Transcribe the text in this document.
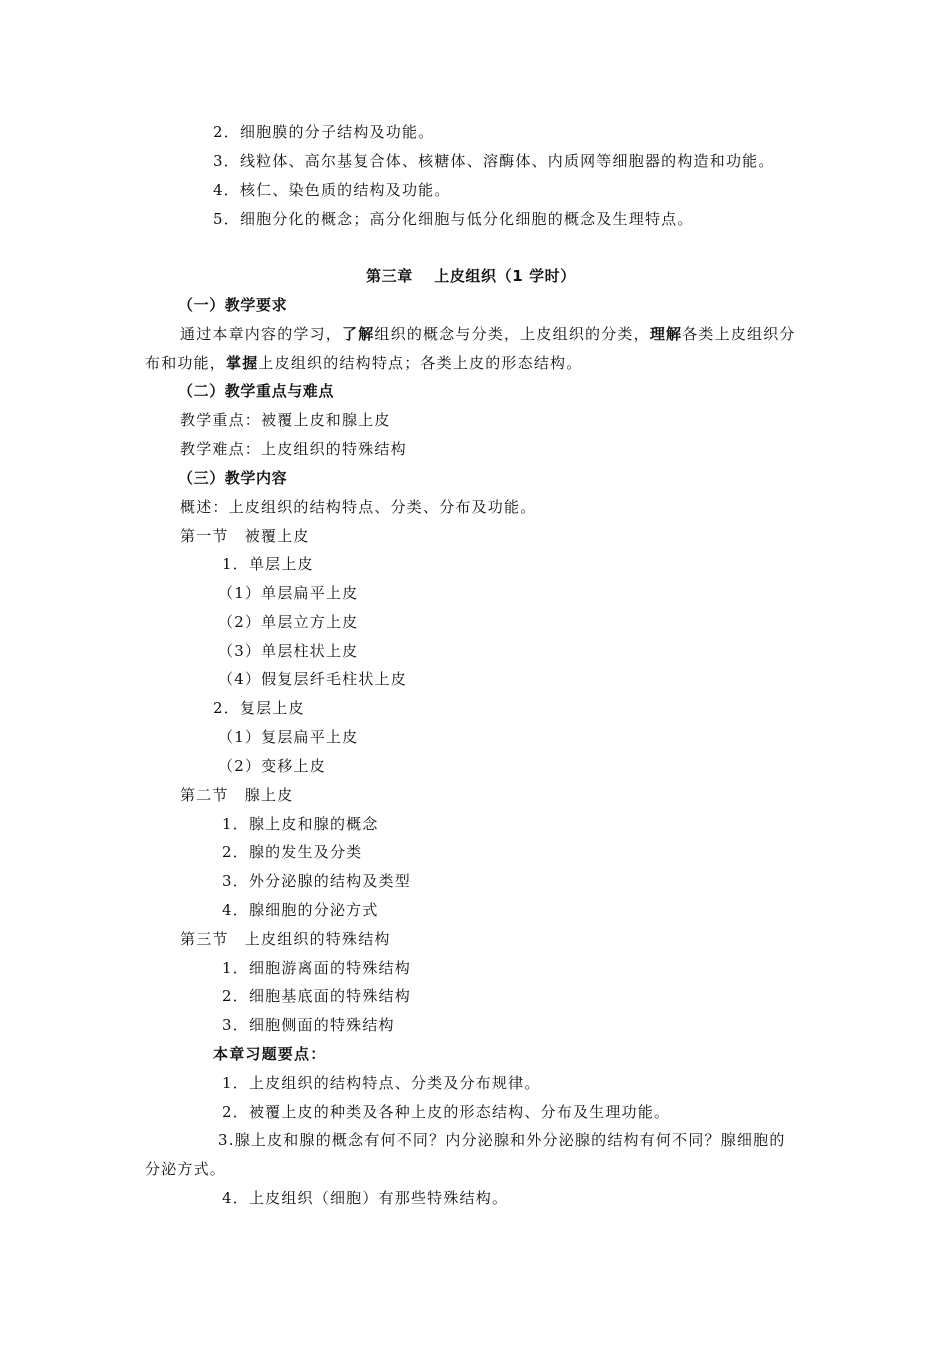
2．细胞膜的分子结构及功能。
3．线粒体、高尔基复合体、核糖体、溶酶体、内质网等细胞器的构造和功能。
4．核仁、染色质的结构及功能。
5．细胞分化的概念；高分化细胞与低分化细胞的概念及生理特点。
第三章　 上皮组织（1 学时）
（一）教学要求
通过本章内容的学习，了解组织的概念与分类，上皮组织的分类，理解各类上皮组织分
布和功能，掌握上皮组织的结构特点；各类上皮的形态结构。
（二）教学重点与难点
教学重点：被覆上皮和腺上皮
教学难点：上皮组织的特殊结构
（三）教学内容
概述：上皮组织的结构特点、分类、分布及功能。
第一节　被覆上皮
1．单层上皮
（1）单层扁平上皮
（2）单层立方上皮
（3）单层柱状上皮
（4）假复层纤毛柱状上皮
2．复层上皮
（1）复层扁平上皮
（2）变移上皮
第二节　腺上皮
1．腺上皮和腺的概念
2．腺的发生及分类
3．外分泌腺的结构及类型
4．腺细胞的分泌方式
第三节　上皮组织的特殊结构
1．细胞游离面的特殊结构
2．细胞基底面的特殊结构
3．细胞侧面的特殊结构
本章习题要点：
1．上皮组织的结构特点、分类及分布规律。
2．被覆上皮的种类及各种上皮的形态结构、分布及生理功能。
3.腺上皮和腺的概念有何不同？内分泌腺和外分泌腺的结构有何不同？腺细胞的
分泌方式。
4．上皮组织（细胞）有那些特殊结构。
